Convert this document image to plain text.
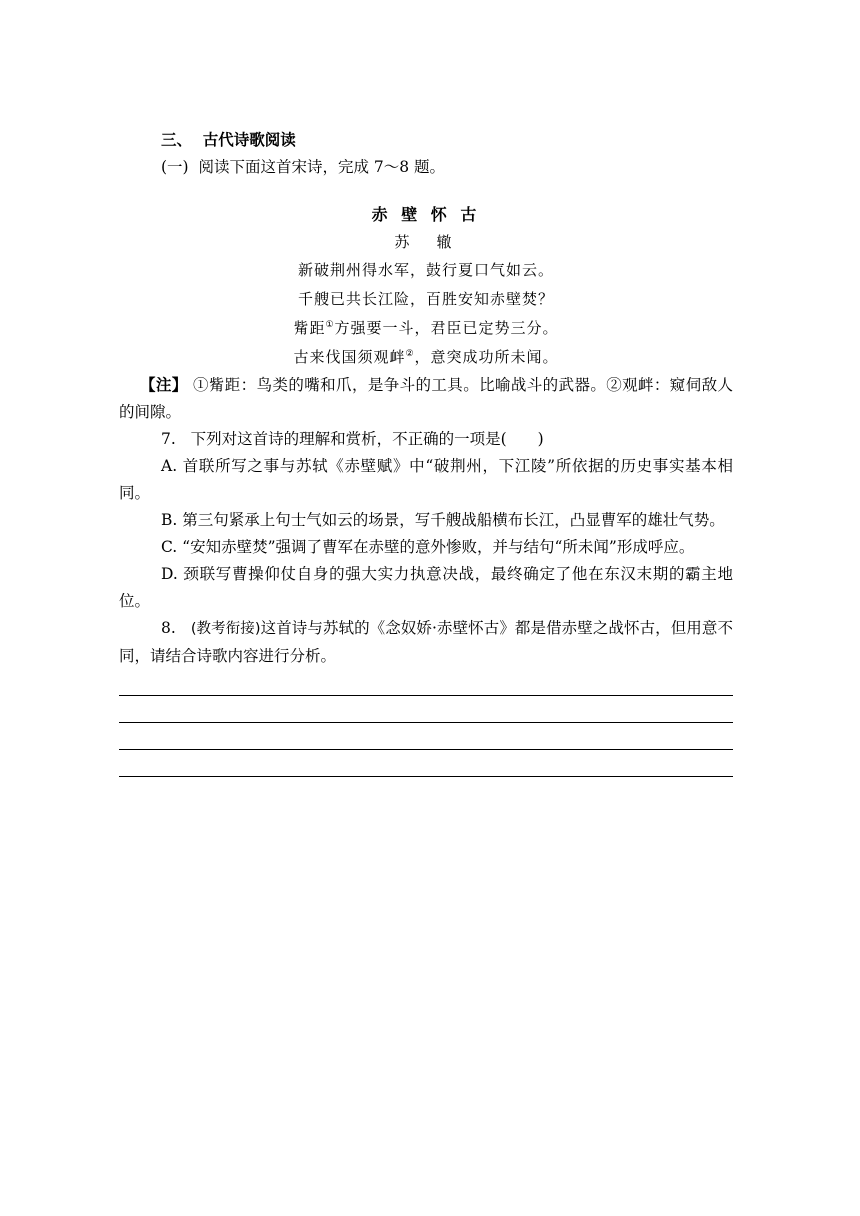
三、  古代诗歌阅读
(一)  阅读下面这首宋诗，完成 7～8 题。
赤 壁 怀 古
苏　辙
新破荆州得水军，鼓行夏口气如云。
千艘已共长江险，百胜安知赤壁焚？
觜距①方强要一斗，君臣已定势三分。
古来伐国须观衅②，意突成功所未闻。
【注】 ①觜距：鸟类的嘴和爪，是争斗的工具。比喻战斗的武器。②观衅：窥伺敌人的间隙。
7.   下列对这首诗的理解和赏析，不正确的一项是(　　)
A. 首联所写之事与苏轼《赤壁赋》中“破荆州，下江陵”所依据的历史事实基本相同。
B. 第三句紧承上句士气如云的场景，写千艘战船横布长江，凸显曹军的雄壮气势。
C. “安知赤壁焚”强调了曹军在赤壁的意外惨败，并与结句“所未闻”形成呼应。
D. 颈联写曹操仰仗自身的强大实力执意决战，最终确定了他在东汉末期的霸主地位。
8.   (教考衔接)这首诗与苏轼的《念奴娇·赤壁怀古》都是借赤壁之战怀古，但用意不同，请结合诗歌内容进行分析。
